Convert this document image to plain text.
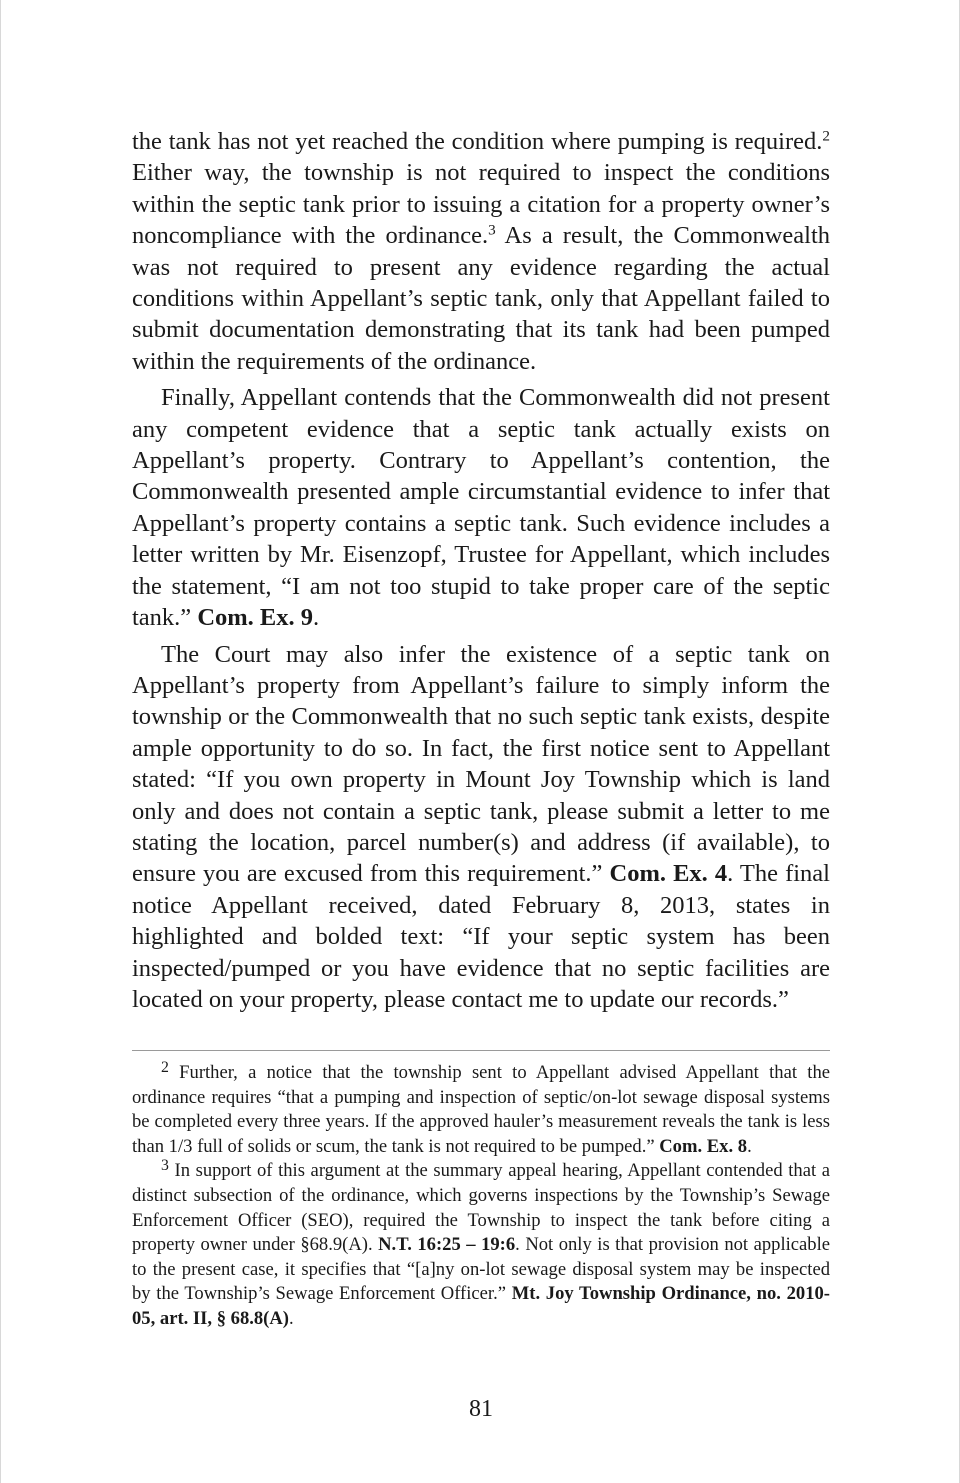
the tank has not yet reached the condition where pumping is required.$^2$ Either way, the township is not required to inspect the conditions within the septic tank prior to issuing a citation for a property owner’s noncompliance with the ordinance.$^3$ As a result, the Commonwealth was not required to present any evidence regarding the actual conditions within Appellant’s septic tank, only that Appellant failed to submit documentation demonstrating that its tank had been pumped within the requirements of the ordinance.

Finally, Appellant contends that the Commonwealth did not present any competent evidence that a septic tank actually exists on Appellant’s property. Contrary to Appellant’s contention, the Commonwealth presented ample circumstantial evidence to infer that Appellant’s property contains a septic tank. Such evidence includes a letter written by Mr. Eisenzopf, Trustee for Appellant, which includes the statement, “I am not too stupid to take proper care of the septic tank.” Com. Ex. 9.

The Court may also infer the existence of a septic tank on Appellant’s property from Appellant’s failure to simply inform the township or the Commonwealth that no such septic tank exists, despite ample opportunity to do so. In fact, the first notice sent to Appellant stated: “If you own property in Mount Joy Township which is land only and does not contain a septic tank, please submit a letter to me stating the location, parcel number(s) and address (if available), to ensure you are excused from this requirement.” Com. Ex. 4. The final notice Appellant received, dated February 8, 2013, states in highlighted and bolded text: “If your septic system has been inspected/pumped or you have evidence that no septic facilities are located on your property, please contact me to update our records.”

$^2$ Further, a notice that the township sent to Appellant advised Appellant that the ordinance requires “that a pumping and inspection of septic/on-lot sewage disposal systems be completed every three years. If the approved hauler’s measurement reveals the tank is less than 1/3 full of solids or scum, the tank is not required to be pumped.” Com. Ex. 8.

$^3$ In support of this argument at the summary appeal hearing, Appellant contended that a distinct subsection of the ordinance, which governs inspections by the Township’s Sewage Enforcement Officer (SEO), required the Township to inspect the tank before citing a property owner under §68.9(A). N.T. 16:25 – 19:6. Not only is that provision not applicable to the present case, it specifies that “[a]ny on-lot sewage disposal system may be inspected by the Township’s Sewage Enforcement Officer.” Mt. Joy Township Ordinance, no. 2010-05, art. II, § 68.8(A).

81
